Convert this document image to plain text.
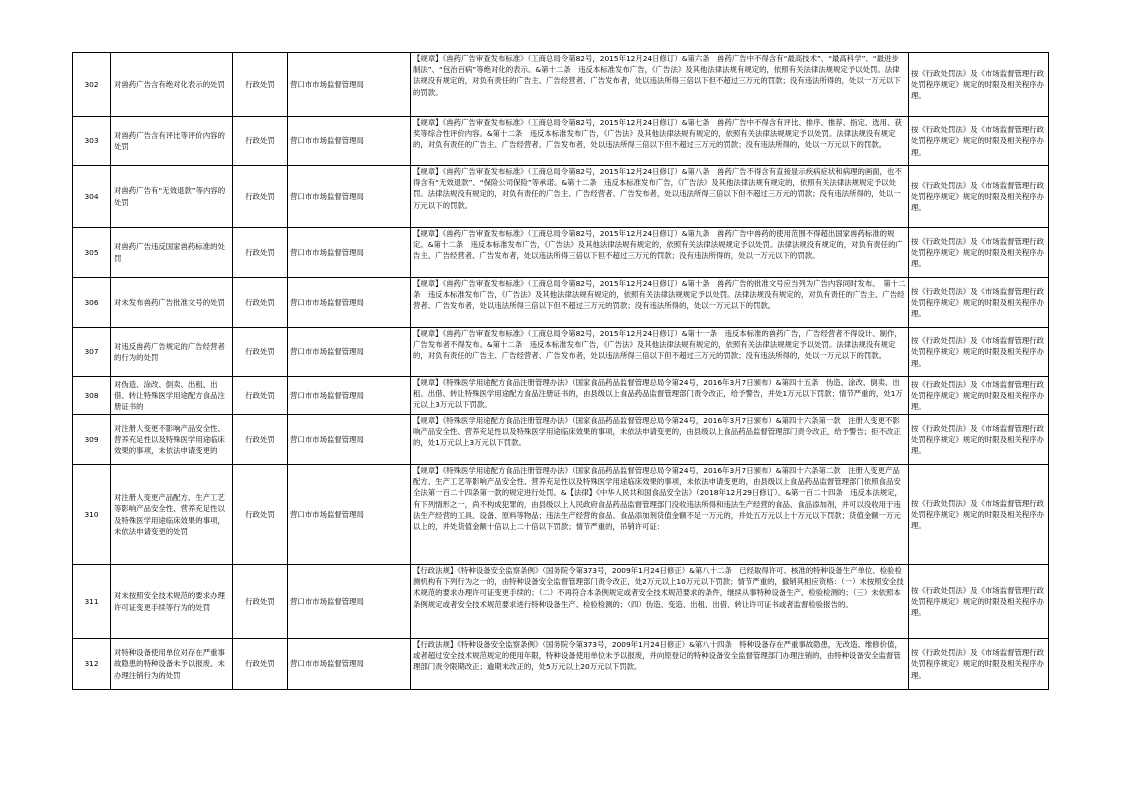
302	对兽药广告含有绝对化表示的处罚	行政处罚	营口市市场监督管理局	【规章】《兽药广告审查发布标准》（工商总局令第82号，2015年12月24日修订）&第六条　兽药广告中不得含有“最高技术”、“最高科学”、“最进步制法”、“包治百病”等绝对化的表示。&第十二条　违反本标准发布广告，《广告法》及其他法律法规有规定的，依照有关法律法规规定予以处罚。法律法规没有规定的，对负有责任的广告主、广告经营者、广告发布者，处以违法所得三倍以下但不超过三万元的罚款；没有违法所得的，处以一万元以下的罚款。	按《行政处罚法》及《市场监督管理行政处罚程序规定》规定的时限及相关程序办理。
303	对兽药广告含有评比等评价内容的处罚	行政处罚	营口市市场监督管理局	【规章】《兽药广告审查发布标准》（工商总局令第82号，2015年12月24日修订）&第七条　兽药广告中不得含有评比、排序、推荐、指定、选用、获奖等综合性评价内容。&第十二条　违反本标准发布广告，《广告法》及其他法律法规有规定的，依照有关法律法规规定予以处罚。法律法规没有规定的，对负有责任的广告主、广告经营者、广告发布者，处以违法所得三倍以下但不超过三万元的罚款；没有违法所得的，处以一万元以下的罚款。	按《行政处罚法》及《市场监督管理行政处罚程序规定》规定的时限及相关程序办理。
304	对兽药广告有“无效退款”等内容的处罚	行政处罚	营口市市场监督管理局	【规章】《兽药广告审查发布标准》（工商总局令第82号，2015年12月24日修订）&第八条　兽药广告不得含有直接显示疾病症状和病理的画面，也不得含有“无效退款”、“保险公司保险”等承诺。&第十二条　违反本标准发布广告，《广告法》及其他法律法规有规定的，依照有关法律法规规定予以处罚。法律法规没有规定的，对负有责任的广告主、广告经营者、广告发布者，处以违法所得三倍以下但不超过三万元的罚款；没有违法所得的，处以一万元以下的罚款。	按《行政处罚法》及《市场监督管理行政处罚程序规定》规定的时限及相关程序办理。
305	对兽药广告违反国家兽药标准的处罚	行政处罚	营口市市场监督管理局	【规章】《兽药广告审查发布标准》（工商总局令第82号，2015年12月24日修订）&第九条　兽药广告中兽药的使用范围不得超出国家兽药标准的规定。&第十二条　违反本标准发布广告，《广告法》及其他法律法规有规定的，依照有关法律法规规定予以处罚。法律法规没有规定的，对负有责任的广告主、广告经营者、广告发布者，处以违法所得三倍以下但不超过三万元的罚款；没有违法所得的，处以一万元以下的罚款。	按《行政处罚法》及《市场监督管理行政处罚程序规定》规定的时限及相关程序办理。
306	对未发布兽药广告批准文号的处罚	行政处罚	营口市市场监督管理局	【规章】《兽药广告审查发布标准》（工商总局令第82号，2015年12月24日修订）&第十条　兽药广告的批准文号应当列为广告内容同时发布。　第十二条　违反本标准发布广告，《广告法》及其他法律法规有规定的，依照有关法律法规规定予以处罚。法律法规没有规定的，对负有责任的广告主、广告经营者、广告发布者，处以违法所得三倍以下但不超过三万元的罚款；没有违法所得的，处以一万元以下的罚款。	按《行政处罚法》及《市场监督管理行政处罚程序规定》规定的时限及相关程序办理。
307	对违反兽药广告规定的广告经营者的行为的处罚	行政处罚	营口市市场监督管理局	【规章】《兽药广告审查发布标准》（工商总局令第82号，2015年12月24日修订）&第十一条　违反本标准的兽药广告，广告经营者不得设计、制作，广告发布者不得发布。&第十二条　违反本标准发布广告，《广告法》及其他法律法规有规定的，依照有关法律法规规定予以处罚。法律法规没有规定的，对负有责任的广告主、广告经营者、广告发布者，处以违法所得三倍以下但不超过三万元的罚款；没有违法所得的，处以一万元以下的罚款。	按《行政处罚法》及《市场监督管理行政处罚程序规定》规定的时限及相关程序办理。
308	对伪造、涂改、倒卖、出租、出借、转让特殊医学用途配方食品注册证书的	行政处罚	营口市市场监督管理局	【规章】《特殊医学用途配方食品注册管理办法》（国家食品药品监督管理总局令第24号，2016年3月7日颁布）&第四十五条　伪造、涂改、倒卖、出租、出借、转让特殊医学用途配方食品注册证书的，由县级以上食品药品监督管理部门责令改正，给予警告，并处1万元以下罚款；情节严重的，处1万元以上3万元以下罚款。	按《行政处罚法》及《市场监督管理行政处罚程序规定》规定的时限及相关程序办理。
309	对注册人变更不影响产品安全性、营养充足性以及特殊医学用途临床效果的事项，未依法申请变更的	行政处罚	营口市市场监督管理局	【规章】《特殊医学用途配方食品注册管理办法》（国家食品药品监督管理总局令第24号，2016年3月7日颁布）&第四十六条第一款　注册人变更不影响产品安全性、营养充足性以及特殊医学用途临床效果的事项，未依法申请变更的，由县级以上食品药品监督管理部门责令改正，给予警告；拒不改正的，处1万元以上3万元以下罚款。	按《行政处罚法》及《市场监督管理行政处罚程序规定》规定的时限及相关程序办理。
310	对注册人变更产品配方、生产工艺等影响产品安全性、营养充足性以及特殊医学用途临床效果的事项，未依法申请变更的处罚	行政处罚	营口市市场监督管理局	【规章】《特殊医学用途配方食品注册管理办法》（国家食品药品监督管理总局令第24号，2016年3月7日颁布）&第四十六条第二款　注册人变更产品配方、生产工艺等影响产品安全性、营养充足性以及特殊医学用途临床效果的事项，未依法申请变更的，由县级以上食品药品监督管理部门依照食品安全法第一百二十四条第一款的规定进行处罚。&【法律】《中华人民共和国食品安全法》（2018年12月29日修订）。&第一百二十四条　违反本法规定，有下列情形之一，尚不构成犯罪的，由县级以上人民政府食品药品监督管理部门没收违法所得和违法生产经营的食品、食品添加剂，并可以没收用于违法生产经营的工具、设备、原料等物品；违法生产经营的食品、食品添加剂货值金额不足一万元的，并处五万元以上十万元以下罚款；货值金额一万元以上的，并处货值金额十倍以上二十倍以下罚款；情节严重的，吊销许可证：	按《行政处罚法》及《市场监督管理行政处罚程序规定》规定的时限及相关程序办理。
311	对未按照安全技术规范的要求办理许可证变更手续等行为的处罚	行政处罚	营口市市场监督管理局	【行政法规】《特种设备安全监察条例》（国务院令第373号，2009年1月24日修正）&第八十二条　已经取得许可、核准的特种设备生产单位、检验检测机构有下列行为之一的，由特种设备安全监督管理部门责令改正，处2万元以上10万元以下罚款；情节严重的，撤销其相应资格：（一）未按照安全技术规范的要求办理许可证变更手续的；（二）不再符合本条例规定或者安全技术规范要求的条件，继续从事特种设备生产、检验检测的；（三）未依照本条例规定或者安全技术规范要求进行特种设备生产、检验检测的；（四）伪造、变造、出租、出借、转让许可证书或者监督检验报告的。	按《行政处罚法》及《市场监督管理行政处罚程序规定》规定的时限及相关程序办理。
312	对特种设备使用单位对存在严重事故隐患的特种设备未予以报废、未办理注销行为的处罚	行政处罚	营口市市场监督管理局	【行政法规】《特种设备安全监察条例》（国务院令第373号，2009年1月24日修正）&第八十四条　特种设备存在严重事故隐患，无改造、维修价值，或者超过安全技术规范规定的使用年限，特种设备使用单位未予以报废，并向原登记的特种设备安全监督管理部门办理注销的，由特种设备安全监督管理部门责令限期改正；逾期未改正的，处5万元以上20万元以下罚款。	按《行政处罚法》及《市场监督管理行政处罚程序规定》规定的时限及相关程序办理。
